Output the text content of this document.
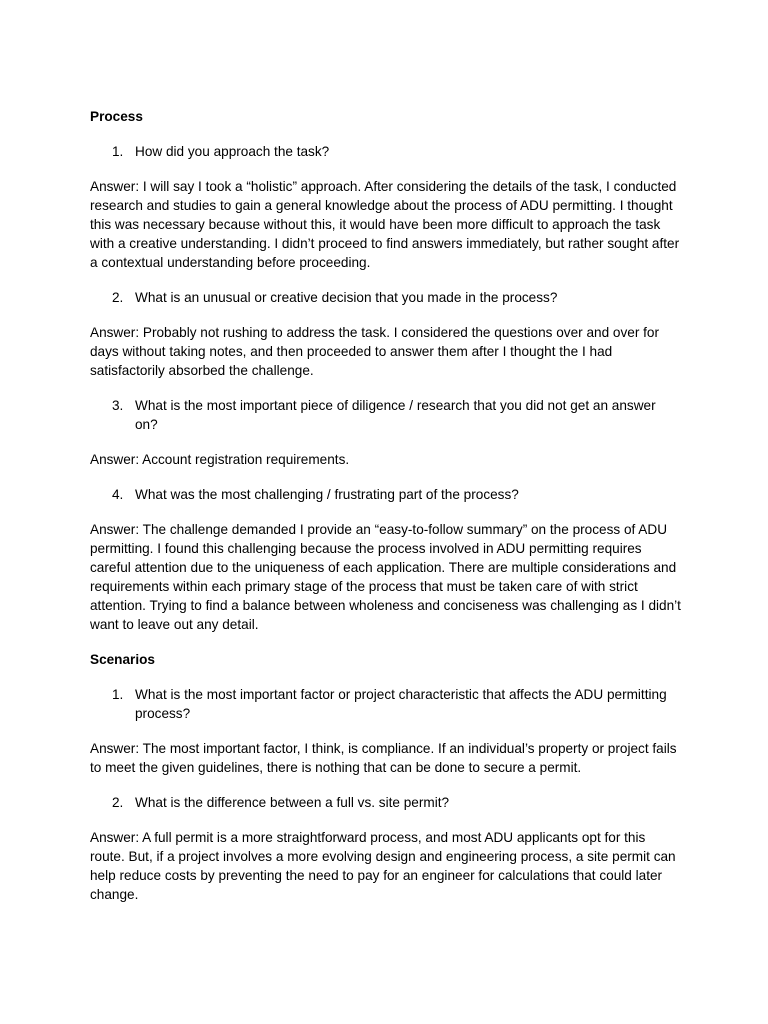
Process
1. How did you approach the task?
Answer: I will say I took a “holistic” approach. After considering the details of the task, I conducted research and studies to gain a general knowledge about the process of ADU permitting. I thought this was necessary because without this, it would have been more difficult to approach the task with a creative understanding. I didn’t proceed to find answers immediately, but rather sought after a contextual understanding before proceeding.
2. What is an unusual or creative decision that you made in the process?
Answer: Probably not rushing to address the task. I considered the questions over and over for days without taking notes, and then proceeded to answer them after I thought the I had satisfactorily absorbed the challenge.
3. What is the most important piece of diligence / research that you did not get an answer on?
Answer: Account registration requirements.
4. What was the most challenging / frustrating part of the process?
Answer: The challenge demanded I provide an “easy-to-follow summary” on the process of ADU permitting. I found this challenging because the process involved in ADU permitting requires careful attention due to the uniqueness of each application. There are multiple considerations and requirements within each primary stage of the process that must be taken care of with strict attention. Trying to find a balance between wholeness and conciseness was challenging as I didn’t want to leave out any detail.
Scenarios
1. What is the most important factor or project characteristic that affects the ADU permitting process?
Answer: The most important factor, I think, is compliance. If an individual’s property or project fails to meet the given guidelines, there is nothing that can be done to secure a permit.
2. What is the difference between a full vs. site permit?
Answer: A full permit is a more straightforward process, and most ADU applicants opt for this route. But, if a project involves a more evolving design and engineering process, a site permit can help reduce costs by preventing the need to pay for an engineer for calculations that could later change.
